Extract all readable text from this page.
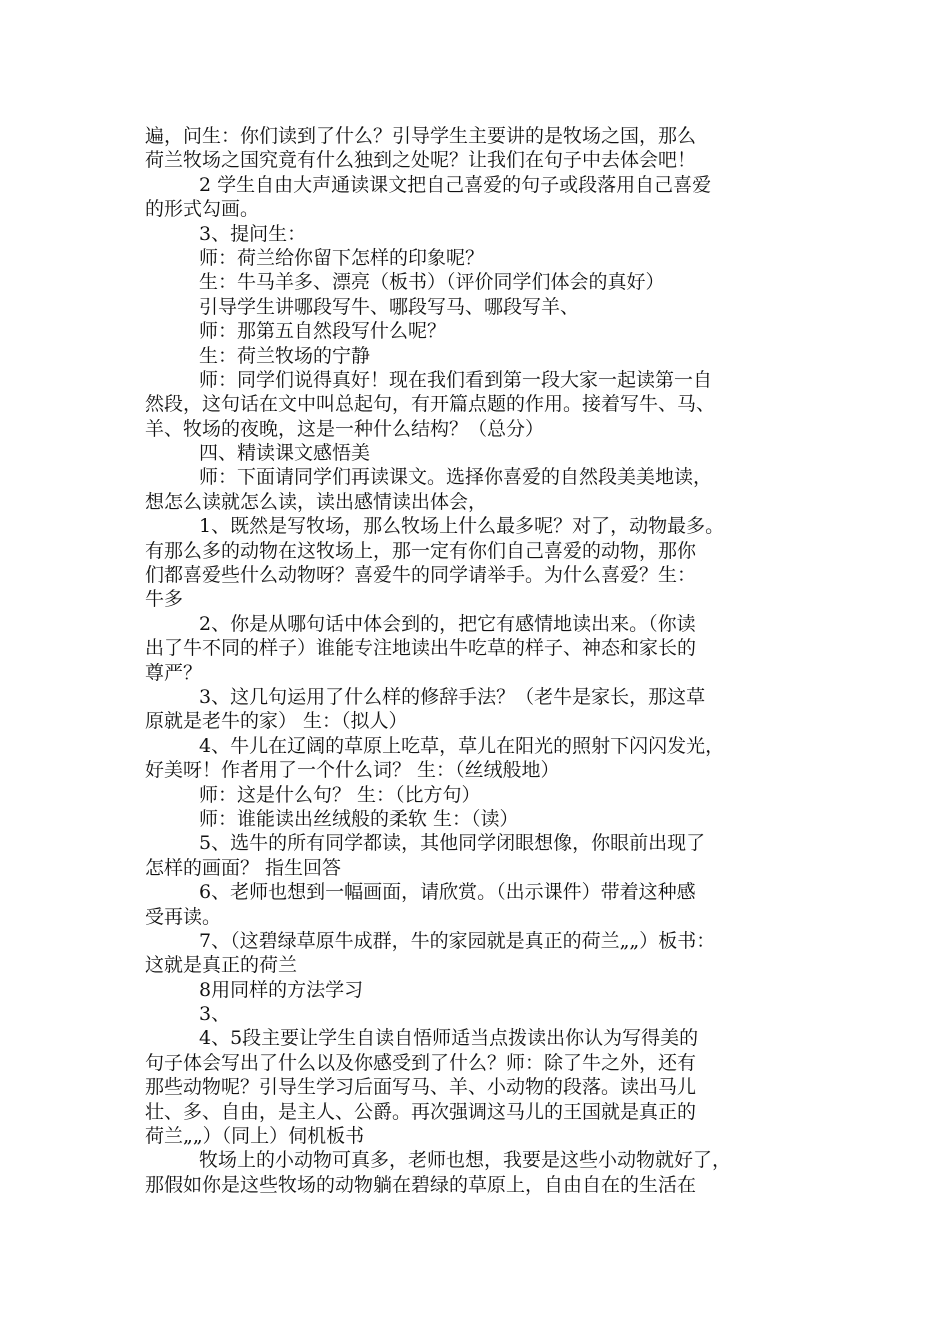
遍，问生：你们读到了什么？引导学生主要讲的是牧场之国，那么
荷兰牧场之国究竟有什么独到之处呢？让我们在句子中去体会吧！
2 学生自由大声通读课文把自己喜爱的句子或段落用自己喜爱
的形式勾画。
3、提问生：
师：荷兰给你留下怎样的印象呢？
生：牛马羊多、漂亮（板书）（评价同学们体会的真好）
引导学生讲哪段写牛、哪段写马、哪段写羊、
师：那第五自然段写什么呢？
生：荷兰牧场的宁静
师：同学们说得真好！现在我们看到第一段大家一起读第一自
然段，这句话在文中叫总起句，有开篇点题的作用。接着写牛、马、
羊、牧场的夜晚，这是一种什么结构？（总分）
四、精读课文感悟美
师：下面请同学们再读课文。选择你喜爱的自然段美美地读，
想怎么读就怎么读，读出感情读出体会，
1、既然是写牧场，那么牧场上什么最多呢？对了，动物最多。
有那么多的动物在这牧场上，那一定有你们自己喜爱的动物，那你
们都喜爱些什么动物呀？喜爱牛的同学请举手。为什么喜爱？生：
牛多
2、你是从哪句话中体会到的，把它有感情地读出来。（你读
出了牛不同的样子）谁能专注地读出牛吃草的样子、神态和家长的
尊严？
3、这几句运用了什么样的修辞手法？（老牛是家长，那这草
原就是老牛的家） 生：（拟人）
4、牛儿在辽阔的草原上吃草，草儿在阳光的照射下闪闪发光，
好美呀！作者用了一个什么词？ 生：（丝绒般地）
师：这是什么句？ 生：（比方句）
师：谁能读出丝绒般的柔软 生：（读）
5、选牛的所有同学都读，其他同学闭眼想像，你眼前出现了
怎样的画面？ 指生回答
6、老师也想到一幅画面，请欣赏。（出示课件）带着这种感
受再读。
7、（这碧绿草原牛成群，牛的家园就是真正的荷兰„„）板书：
这就是真正的荷兰
8用同样的方法学习
3、
4、5段主要让学生自读自悟师适当点拨读出你认为写得美的
句子体会写出了什么以及你感受到了什么？师：除了牛之外，还有
那些动物呢？引导生学习后面写马、羊、小动物的段落。读出马儿
壮、多、自由，是主人、公爵。再次强调这马儿的王国就是真正的
荷兰„„）（同上）伺机板书
牧场上的小动物可真多，老师也想，我要是这些小动物就好了，
那假如你是这些牧场的动物躺在碧绿的草原上，自由自在的生活在
